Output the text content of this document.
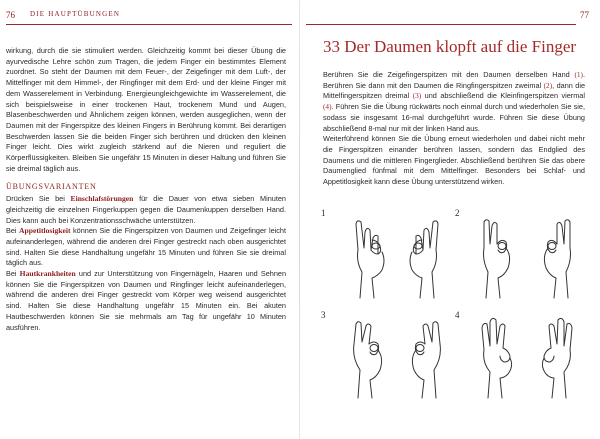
76 DIE HAUPTÜBUNGEN

wirkung, durch die sie stimuliert werden. Gleichzeitig kommt bei dieser Übung die ayurvedische Lehre schön zum Tragen, die jedem Finger ein bestimmtes Element zuordnet. So steht der Daumen mit dem Feuer-, der Zeigefinger mit dem Luft-, der Mittelfinger mit dem Himmel-, der Ringfinger mit dem Erd- und der kleine Finger mit dem Wasserelement in Verbindung. Energieungleichgewichte im Wasserelement, die sich beispielsweise in einer trockenen Haut, trockenem Mund und Augen, Blasenbeschwerden und Ähnlichem zeigen können, werden ausgeglichen, wenn der Daumen mit der Fingerspitze des kleinen Fingers in Berührung kommt. Bei derartigen Beschwerden lassen Sie die beiden Finger sich berühren und drücken den kleinen Finger leicht. Dies wirkt zugleich stärkend auf die Nieren und reguliert die Körperflüssigkeiten. Bleiben Sie ungefähr 15 Minuten in dieser Haltung und führen Sie sie dreimal täglich aus.

ÜBUNGSVARIANTEN

Drücken Sie bei Einschlafstörungen für die Dauer von etwa sieben Minuten gleichzeitig die einzelnen Fingerkuppen gegen die Daumenkuppen derselben Hand. Dies kann auch bei Konzentrationsschwäche unterstützen.

Bei Appetitlosigkeit können Sie die Fingerspitzen von Daumen und Zeigefinger leicht aufeinanderlegen, während die anderen drei Finger gestreckt nach oben ausgerichtet sind. Halten Sie diese Handhaltung ungefähr 15 Minuten und führen Sie sie dreimal täglich aus.

Bei Hautkrankheiten und zur Unterstützung von Fingernägeln, Haaren und Sehnen können Sie die Fingerspitzen von Daumen und Ringfinger leicht aufeinanderlegen, während die anderen drei Finger gestreckt vom Körper weg weisend ausgerichtet sind. Halten Sie diese Handhaltung ungefähr 15 Minuten ein. Bei akuten Hautbeschwerden können Sie sie mehrmals am Tag für ungefähr 10 Minuten ausführen.

77
33 Der Daumen klopft auf die Finger

Berühren Sie die Zeigefingerspitzen mit den Daumen derselben Hand (1). Berühren Sie dann mit den Daumen die Ringfingerspitzen zweimal (2), dann die Mittelfingerspitzen dreimal (3) und abschließend die Kleinfingerspitzen viermal (4). Führen Sie die Übung rückwärts noch einmal durch und wiederholen Sie sie, sodass sie insgesamt 16-mal durchgeführt wurde. Führen Sie diese Übung abschließend 8-mal nur mit der linken Hand aus.

Weiterführend können Sie die Übung erneut wiederholen und dabei nicht mehr die Fingerspitzen einander berühren lassen, sondern das Endglied des Daumens und die mittleren Fingerglieder. Abschließend berühren Sie das obere Daumenglied fünfmal mit dem Mittelfinger. Besonders bei Schlaf- und Appetitlosigkeit kann diese Übung unterstützend wirken.

1	2
3	4
